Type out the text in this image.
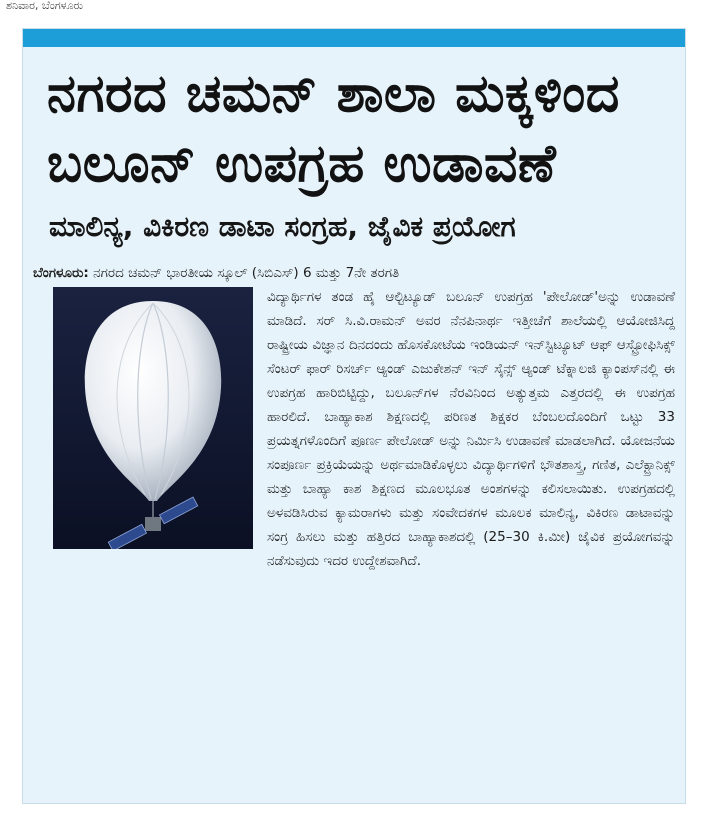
ಶನಿವಾರ, ಬೆಂಗಳೂರು
ನಗರದ ಚಮನ್ ಶಾಲಾ ಮಕ್ಕಳಿಂದ ಬಲೂನ್ ಉಪಗ್ರಹ ಉಡಾವಣೆ
ಮಾಲಿನ್ಯ, ವಿಕಿರಣ ಡಾಟಾ ಸಂಗ್ರಹ, ಜೈವಿಕ ಪ್ರಯೋಗ
ಬೆಂಗಳೂರು: ನಗರದ ಚಮನ್ ಭಾರತೀಯ ಸ್ಕೂಲ್ (ಸಿಬಿಎಸ್) 6 ಮತ್ತು 7ನೇ ತರಗತಿ
ವಿದ್ಯಾರ್ಥಿಗಳ ತಂಡ ಹೈ ಆಲ್ಟಿಟ್ಯೂಡ್ ಬಲೂನ್ ಉಪಗ್ರಹ 'ಪೇಲೋಡ್'ಅನ್ನು ಉಡಾವಣೆ ಮಾಡಿದೆ. ಸರ್ ಸಿ.ವಿ.ರಾಮನ್ ಅವರ ನೆನಪಿನಾರ್ಥ ಇತ್ತೀಚೆಗೆ ಶಾಲೆಯಲ್ಲಿ ಆಯೋಜಿಸಿದ್ದ ರಾಷ್ಟ್ರೀಯ ವಿಜ್ಞಾನ ದಿನದಂದು ಹೊಸಕೋಟೆಯ ಇಂಡಿಯನ್ ಇನ್‌ಸ್ಟಿಟ್ಯೂಟ್ ಆಫ್ ಆಸ್ಟ್ರೋಫಿಸಿಕ್ಸ್ ಸೆಂಟರ್ ಫಾರ್ ರಿಸರ್ಚ್ ಆ್ಯಂಡ್ ಎಜುಕೇಶನ್ ಇನ್ ಸೈನ್ಸ್ ಆ್ಯಂಡ್ ಟೆಕ್ನಾಲಜಿ ಕ್ಯಾಂಪಸ್‌ನಲ್ಲಿ ಈ ಉಪಗ್ರಹ ಹಾರಿಬಿಟ್ಟಿದ್ದು, ಬಲೂನ್‌ಗಳ ನೆರವಿನಿಂದ ಅತ್ಯುತ್ತಮ ಎತ್ತರದಲ್ಲಿ ಈ ಉಪಗ್ರಹ ಹಾರಲಿದೆ. ಬಾಹ್ಯಾಕಾಶ ಶಿಕ್ಷಣದಲ್ಲಿ ಪರಿಣತ ಶಿಕ್ಷಕರ ಬೆಂಬಲದೊಂದಿಗೆ ಒಟ್ಟು 33 ಪ್ರಯತ್ನಗಳೊಂದಿಗೆ ಪೂರ್ಣ ಪೇಲೋಡ್ ಅನ್ನು ನಿರ್ಮಿಸಿ ಉಡಾವಣೆ ಮಾಡಲಾಗಿದೆ. ಯೋಜನೆಯ ಸಂಪೂರ್ಣ ಪ್ರಕ್ರಿಯೆಯನ್ನು ಅರ್ಥಮಾಡಿಕೊಳ್ಳಲು ವಿದ್ಯಾರ್ಥಿಗಳಿಗೆ ಭೌತಶಾಸ್ತ್ರ, ಗಣಿತ, ಎಲೆಕ್ಟ್ರಾನಿಕ್ಸ್ ಮತ್ತು ಬಾಹ್ಯಾ ಕಾಶ ಶಿಕ್ಷಣದ ಮೂಲಭೂತ ಅಂಶಗಳನ್ನು ಕಲಿಸಲಾಯಿತು. ಉಪಗ್ರಹದಲ್ಲಿ ಅಳವಡಿಸಿರುವ ಕ್ಯಾಮರಾಗಳು ಮತ್ತು ಸಂವೇದಕಗಳ ಮೂಲಕ ಮಾಲಿನ್ಯ, ವಿಕಿರಣ ಡಾಟಾವನ್ನು ಸಂಗ್ರ ಹಿಸಲು ಮತ್ತು ಹತ್ತಿರದ ಬಾಹ್ಯಾಕಾಶದಲ್ಲಿ (25–30 ಕಿ.ಮೀ) ಜೈವಿಕ ಪ್ರಯೋಗವನ್ನು ನಡೆಸುವುದು ಇದರ ಉದ್ದೇಶವಾಗಿದೆ.
